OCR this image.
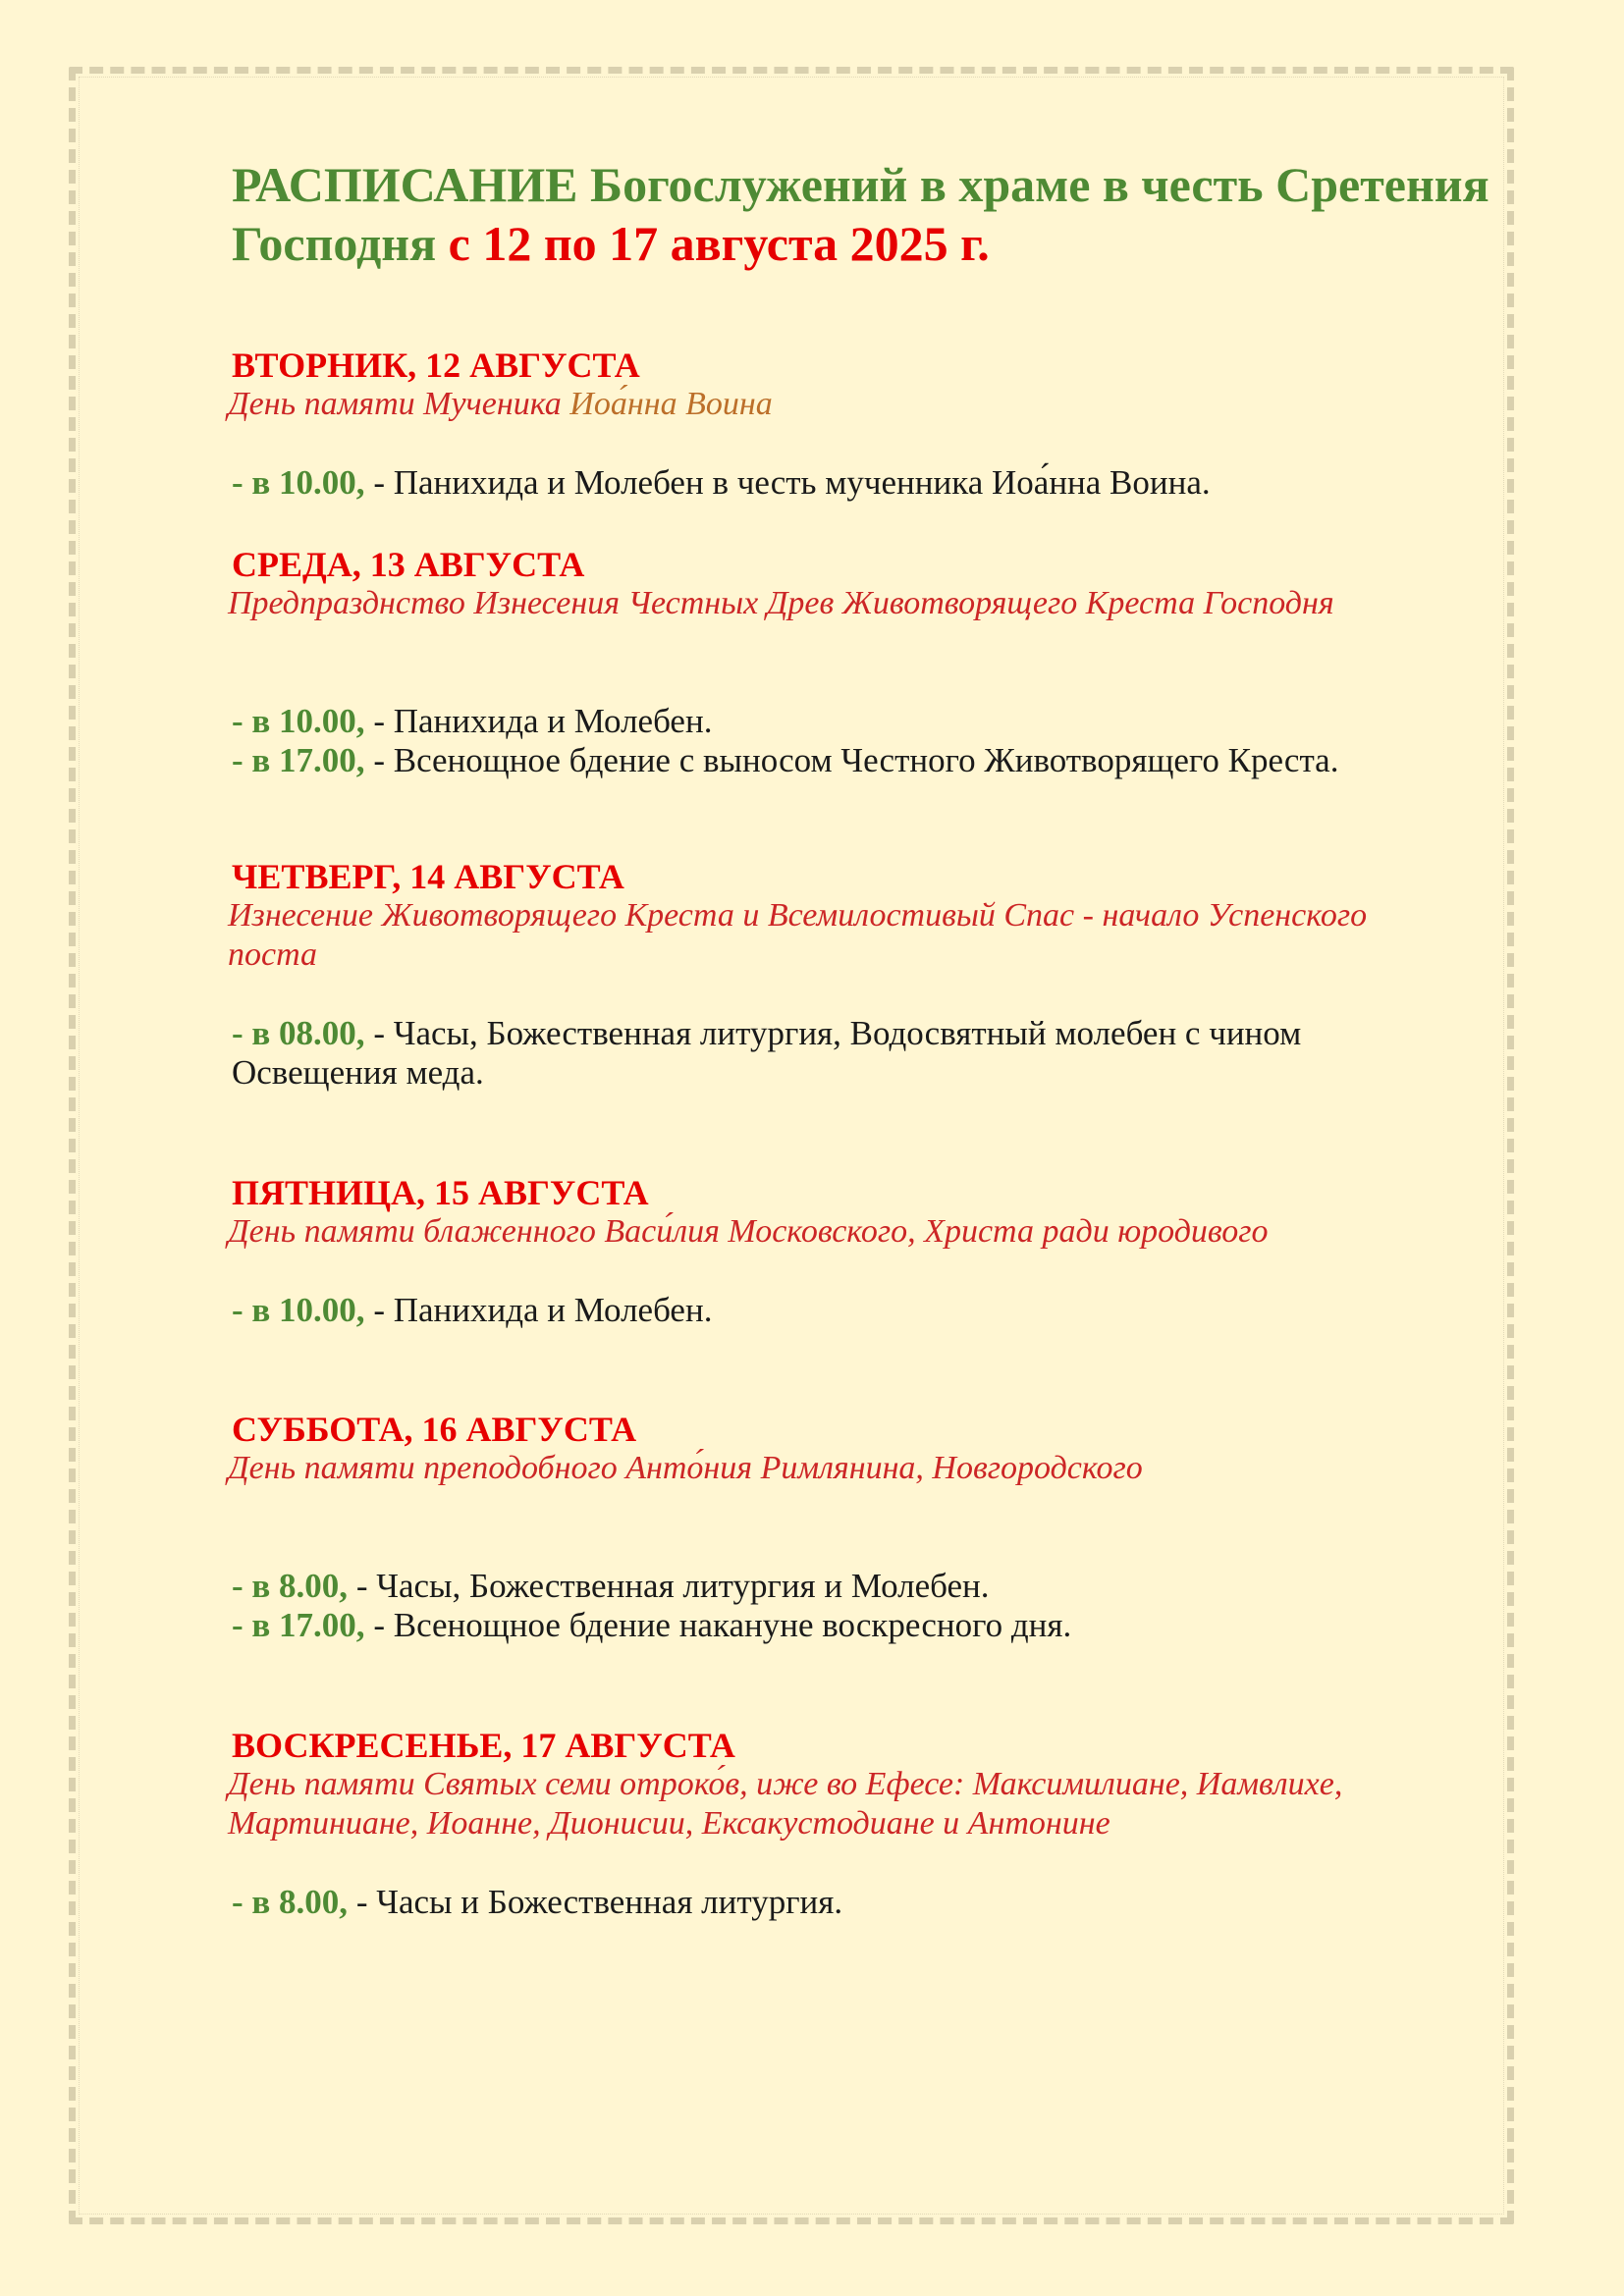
РАСПИСАНИЕ Богослужений в храме в честь Сретения Господня с 12 по 17 августа 2025 г.
ВТОРНИК, 12 АВГУСТА
День памяти Мученика Иоа́нна Воина
- в 10.00, - Панихида и Молебен в честь мученника Иоа́нна Воина.
СРЕДА, 13 АВГУСТА
Предпразднство Изнесения Честных Древ Животворящего Креста Господня
- в 10.00, - Панихида и Молебен.
- в 17.00, - Всенощное бдение с выносом Честного Животворящего Креста.
ЧЕТВЕРГ, 14 АВГУСТА
Изнесение Животворящего Креста и Всемилостивый Спас - начало Успенского поста
- в 08.00, - Часы, Божественная литургия, Водосвятный молебен с чином Освещения меда.
ПЯТНИЦА, 15 АВГУСТА
День памяти блаженного Васи́лия Московского, Христа ради юродивого
- в 10.00, - Панихида и Молебен.
СУББОТА, 16 АВГУСТА
День памяти преподобного Анто́ния Римлянина, Новгородского
- в 8.00, - Часы, Божественная литургия и Молебен.
- в 17.00, - Всенощное бдение накануне воскресного дня.
ВОСКРЕСЕНЬЕ, 17 АВГУСТА
День памяти Святых семи отроко́в, иже во Ефесе: Максимилиане, Иамвлихе, Мартиниане, Иоанне, Дионисии, Ексакустодиане и Антонине
- в 8.00, - Часы и Божественная литургия.
